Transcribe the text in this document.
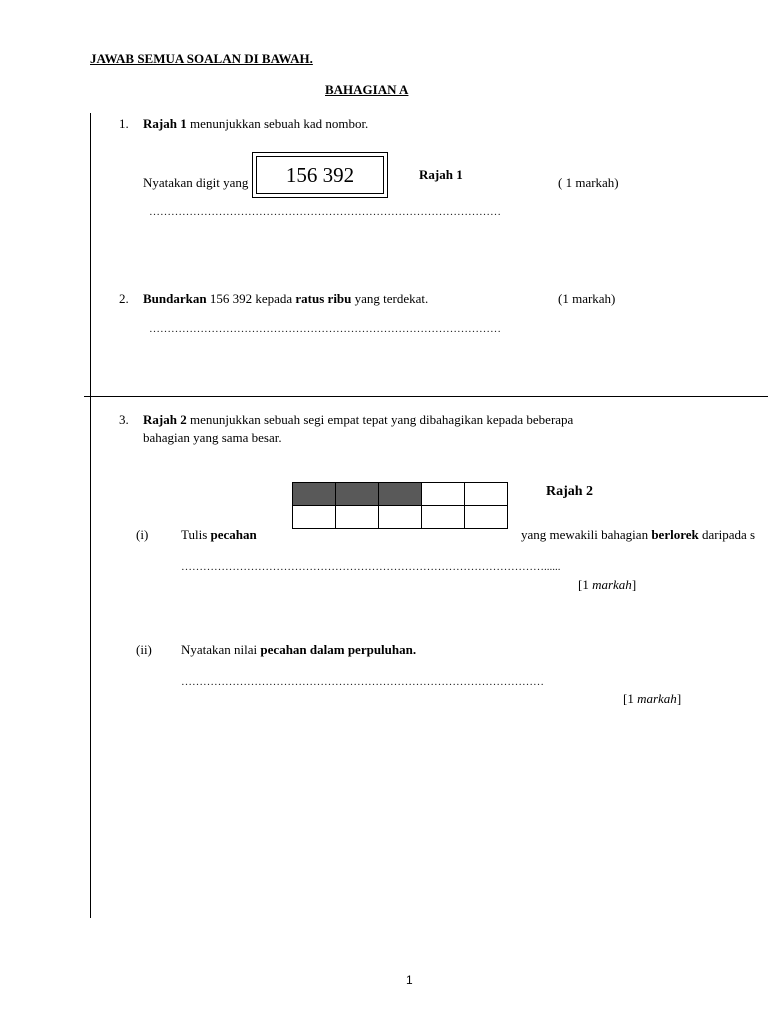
JAWAB SEMUA SOALAN DI BAWAH.
BAHAGIAN A
1. Rajah 1 menunjukkan sebuah kad nombor.
Nyatakan digit yang	156 392	Rajah 1
( 1 markah)
……………………………………………………………………………………
2. Bundarkan 156 392 kepada ratus ribu yang terdekat.	(1 markah)
……………………………………………………………………………………
3. Rajah 2 menunjukkan sebuah segi empat tepat yang dibahagikan kepada beberapa
bahagian yang sama besar.

Rajah 2
(i)	Tulis pecahan	yang mewakili bahagian berlorek daripada s
………………………………………………………………………………………......
[1 markah]
(ii) Nyatakan nilai pecahan dalam perpuluhan.
………………………………………………………………………………………
[1 markah]
1
